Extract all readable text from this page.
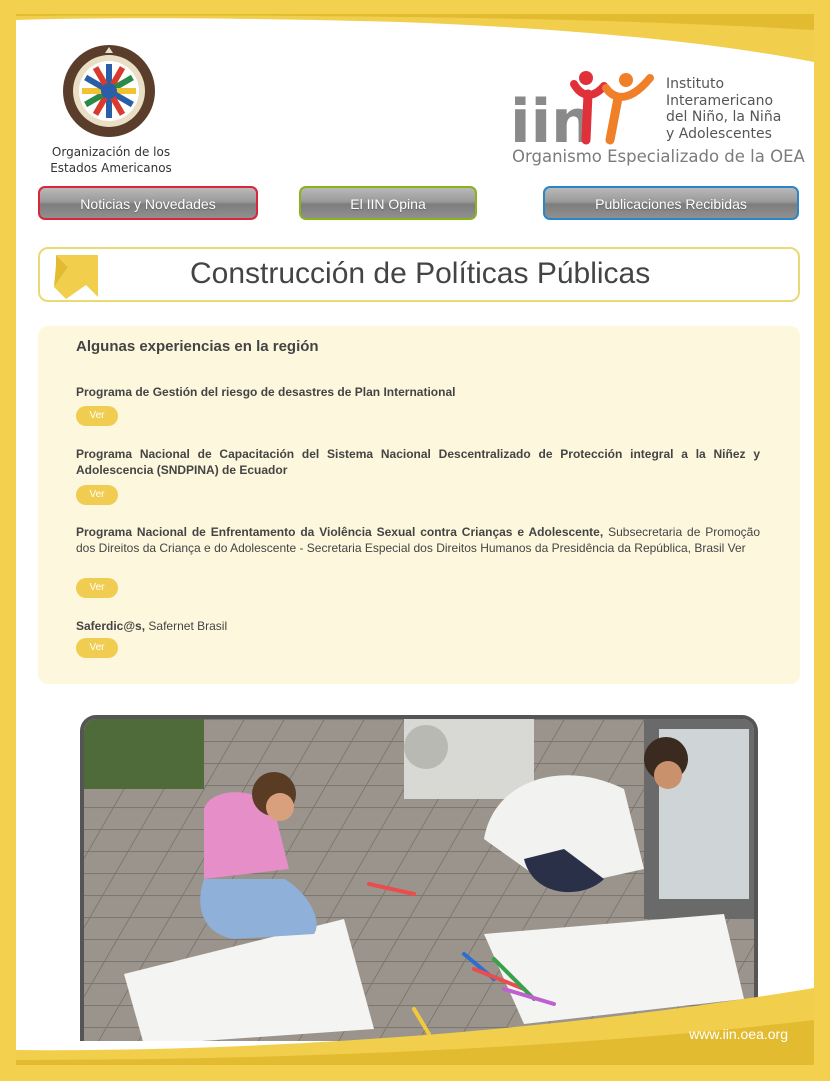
Organización de los
Estados Americanos
iin
Instituto
Interamericano
del Niño, la Niña
y Adolescentes
Organismo Especializado de la OEA
Noticias y Novedades	El IIN Opina	Publicaciones Recibidas
Construcción de Políticas Públicas
Algunas experiencias en la región
Programa de Gestión del riesgo de desastres de Plan International
Ver
Programa Nacional de Capacitación del Sistema Nacional Descentralizado de Protección integral a la Niñez y Adolescencia (SNDPINA) de Ecuador
Ver
Programa Nacional de Enfrentamento da Violência Sexual contra Crianças e Adolescente, Subsecretaria de Promoção dos Direitos da Criança e do Adolescente - Secretaria Especial dos Direitos Humanos da Presidência da República, Brasil Ver
Ver
Saferdic@s, Safernet Brasil
Ver
www.iin.oea.org
